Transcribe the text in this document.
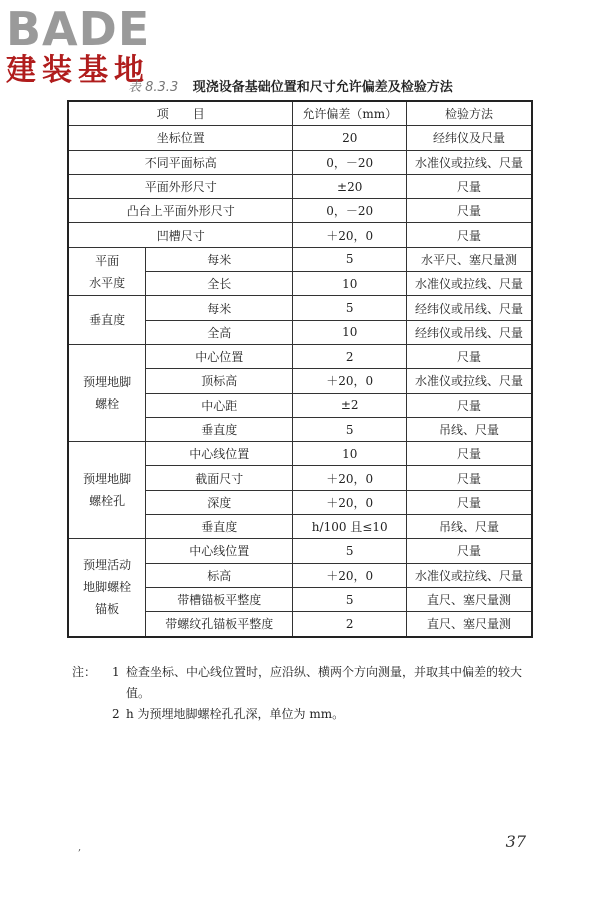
BADE
建装基地
表 8.3.3 现浇设备基础位置和尺寸允许偏差及检验方法
项　　目		允许偏差（mm）	检验方法
坐标位置		20	经纬仪及尺量
不同平面标高		0，－20	水准仪或拉线、尺量
平面外形尺寸		±20	尺量
凸台上平面外形尺寸		0，－20	尺量
凹槽尺寸		＋20，0	尺量
平面
水平度	每米	5	水平尺、塞尺量测
	全长	10	水准仪或拉线、尺量
垂直度	每米	5	经纬仪或吊线、尺量
	全高	10	经纬仪或吊线、尺量
预埋地脚
螺栓	中心位置	2	尺量
	顶标高	＋20，0	水准仪或拉线、尺量
	中心距	±2	尺量
	垂直度	5	吊线、尺量
预埋地脚
螺栓孔	中心线位置	10	尺量
	截面尺寸	＋20，0	尺量
	深度	＋20，0	尺量
	垂直度	h/100 且≤10	吊线、尺量
预埋活动
地脚螺栓
锚板	中心线位置	5	尺量
	标高	＋20，0	水准仪或拉线、尺量
	带槽锚板平整度	5	直尺、塞尺量测
	带螺纹孔锚板平整度	2	直尺、塞尺量测
注：	1 检查坐标、中心线位置时，应沿纵、横两个方向测量，并取其中偏差的较大值。
2 h 为预埋地脚螺栓孔孔深，单位为 mm。
,	37
